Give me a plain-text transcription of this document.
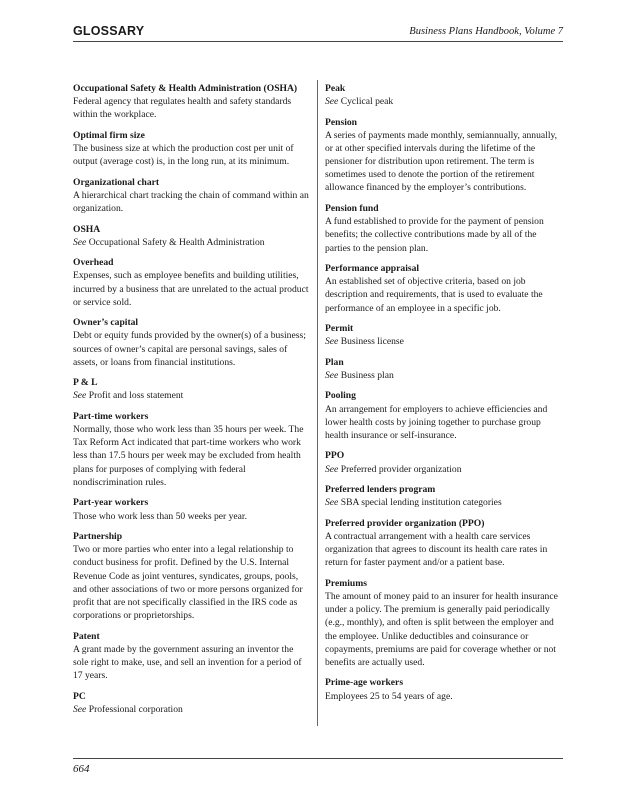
GLOSSARY	Business Plans Handbook, Volume 7
Occupational Safety & Health Administration (OSHA)
Federal agency that regulates health and safety standards within the workplace.
Optimal firm size
The business size at which the production cost per unit of output (average cost) is, in the long run, at its minimum.
Organizational chart
A hierarchical chart tracking the chain of command within an organization.
OSHA
See Occupational Safety & Health Administration
Overhead
Expenses, such as employee benefits and building utilities, incurred by a business that are unrelated to the actual product or service sold.
Owner’s capital
Debt or equity funds provided by the owner(s) of a business; sources of owner’s capital are personal savings, sales of assets, or loans from financial institutions.
P & L
See Profit and loss statement
Part-time workers
Normally, those who work less than 35 hours per week. The Tax Reform Act indicated that part-time workers who work less than 17.5 hours per week may be excluded from health plans for purposes of complying with federal nondiscrimination rules.
Part-year workers
Those who work less than 50 weeks per year.
Partnership
Two or more parties who enter into a legal relationship to conduct business for profit. Defined by the U.S. Internal Revenue Code as joint ventures, syndicates, groups, pools, and other associations of two or more persons organized for profit that are not specifically classified in the IRS code as corporations or proprietorships.
Patent
A grant made by the government assuring an inventor the sole right to make, use, and sell an invention for a period of 17 years.
PC
See Professional corporation
Peak
See Cyclical peak
Pension
A series of payments made monthly, semiannually, annually, or at other specified intervals during the lifetime of the pensioner for distribution upon retirement. The term is sometimes used to denote the portion of the retirement allowance financed by the employer’s contributions.
Pension fund
A fund established to provide for the payment of pension benefits; the collective contributions made by all of the parties to the pension plan.
Performance appraisal
An established set of objective criteria, based on job description and requirements, that is used to evaluate the performance of an employee in a specific job.
Permit
See Business license
Plan
See Business plan
Pooling
An arrangement for employers to achieve efficiencies and lower health costs by joining together to purchase group health insurance or self-insurance.
PPO
See Preferred provider organization
Preferred lenders program
See SBA special lending institution categories
Preferred provider organization (PPO)
A contractual arrangement with a health care services organization that agrees to discount its health care rates in return for faster payment and/or a patient base.
Premiums
The amount of money paid to an insurer for health insurance under a policy. The premium is generally paid periodically (e.g., monthly), and often is split between the employer and the employee. Unlike deductibles and coinsurance or copayments, premiums are paid for coverage whether or not benefits are actually used.
Prime-age workers
Employees 25 to 54 years of age.
664
